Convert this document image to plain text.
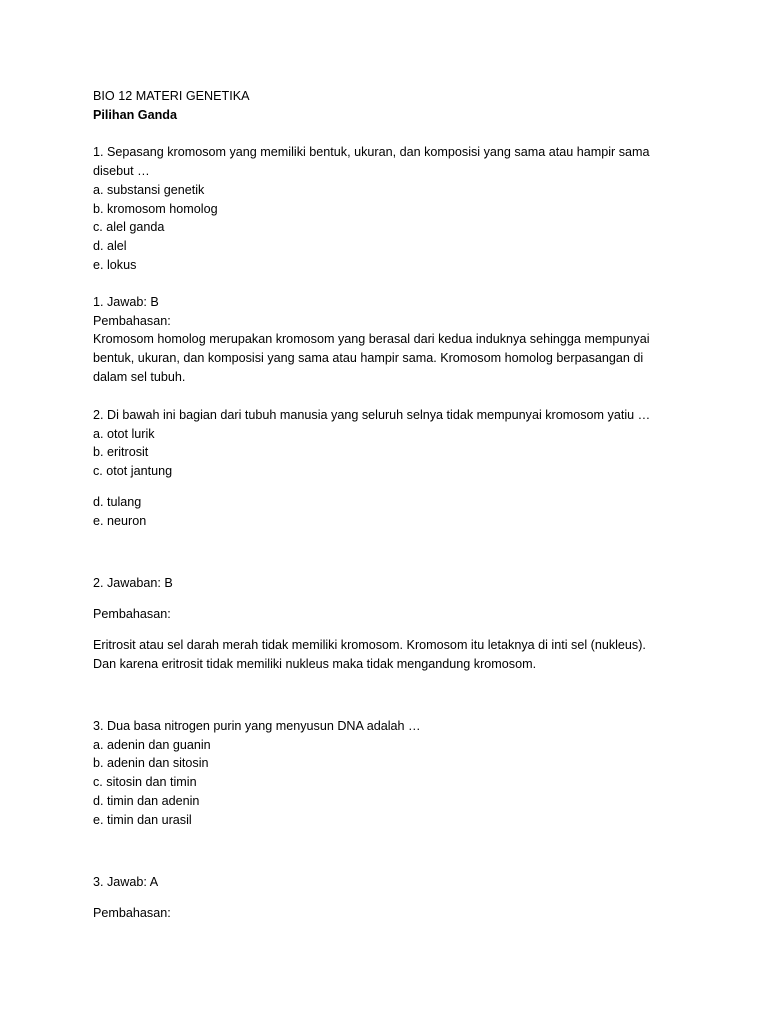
BIO 12 MATERI GENETIKA
Pilihan Ganda
1. Sepasang kromosom yang memiliki bentuk, ukuran, dan komposisi yang sama atau hampir sama
disebut …
a. substansi genetik
b. kromosom homolog
c. alel ganda
d. alel
e. lokus
1. Jawab: B
Pembahasan:
Kromosom homolog merupakan kromosom yang berasal dari kedua induknya sehingga mempunyai
bentuk, ukuran, dan komposisi yang sama atau hampir sama. Kromosom homolog berpasangan di
dalam sel tubuh.
2. Di bawah ini bagian dari tubuh manusia yang seluruh selnya tidak mempunyai kromosom yatiu …
a. otot lurik
b. eritrosit
c. otot jantung
d. tulang
e. neuron
2. Jawaban: B
Pembahasan:
Eritrosit atau sel darah merah tidak memiliki kromosom. Kromosom itu letaknya di inti sel (nukleus).
Dan karena eritrosit tidak memiliki nukleus maka tidak mengandung kromosom.
3. Dua basa nitrogen purin yang menyusun DNA adalah …
a. adenin dan guanin
b. adenin dan sitosin
c. sitosin dan timin
d. timin dan adenin
e. timin dan urasil
3. Jawab: A
Pembahasan:
